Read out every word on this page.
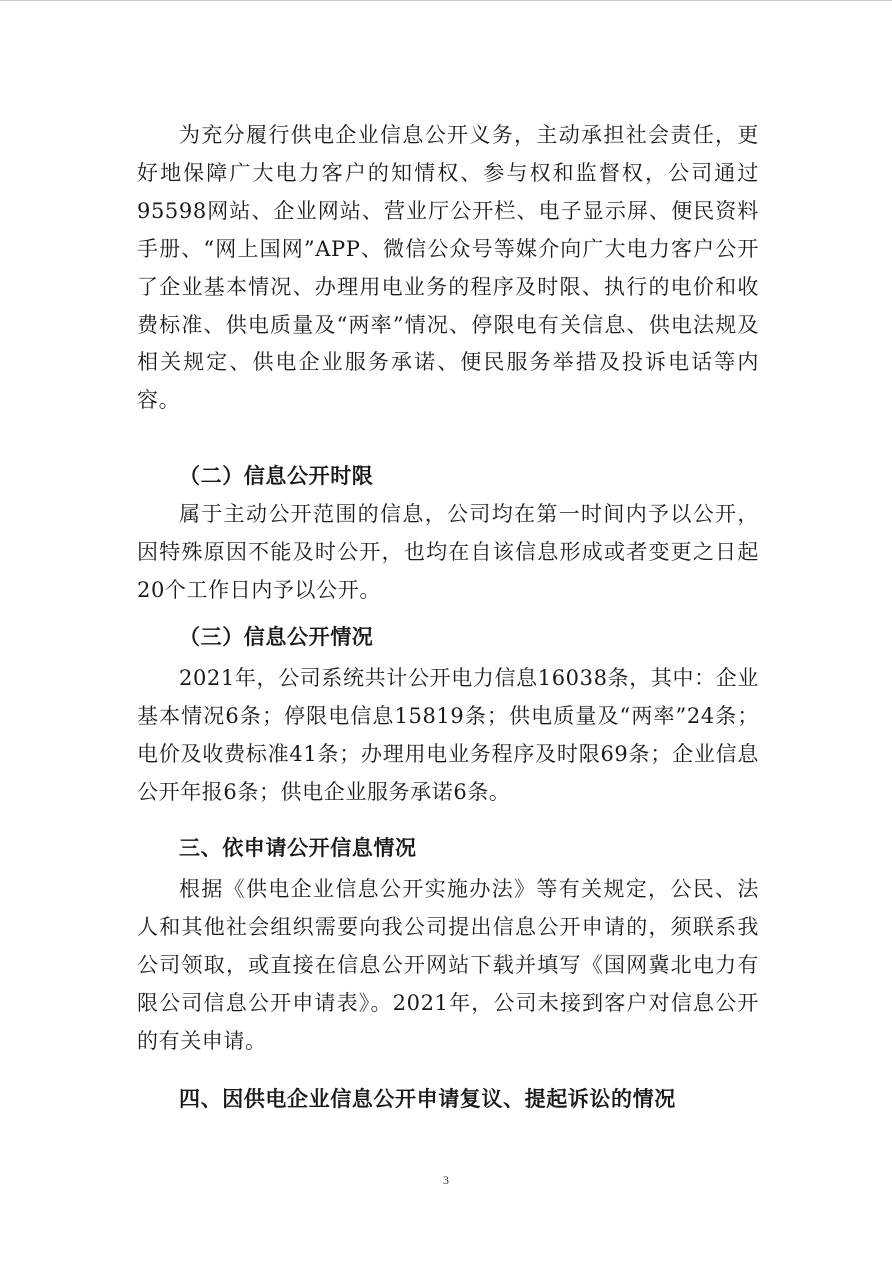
为充分履行供电企业信息公开义务，主动承担社会责任，更好地保障广大电力客户的知情权、参与权和监督权，公司通过95598网站、企业网站、营业厅公开栏、电子显示屏、便民资料手册、“网上国网”APP、微信公众号等媒介向广大电力客户公开了企业基本情况、办理用电业务的程序及时限、执行的电价和收费标准、供电质量及“两率”情况、停限电有关信息、供电法规及相关规定、供电企业服务承诺、便民服务举措及投诉电话等内容。
（二）信息公开时限
属于主动公开范围的信息，公司均在第一时间内予以公开，因特殊原因不能及时公开，也均在自该信息形成或者变更之日起20个工作日内予以公开。
（三）信息公开情况
2021年，公司系统共计公开电力信息16038条，其中：企业基本情况6条；停限电信息15819条；供电质量及“两率”24条；电价及收费标准41条；办理用电业务程序及时限69条；企业信息公开年报6条；供电企业服务承诺6条。
三、依申请公开信息情况
根据《供电企业信息公开实施办法》等有关规定，公民、法人和其他社会组织需要向我公司提出信息公开申请的，须联系我公司领取，或直接在信息公开网站下载并填写《国网冀北电力有限公司信息公开申请表》。2021年，公司未接到客户对信息公开的有关申请。
四、因供电企业信息公开申请复议、提起诉讼的情况
3
